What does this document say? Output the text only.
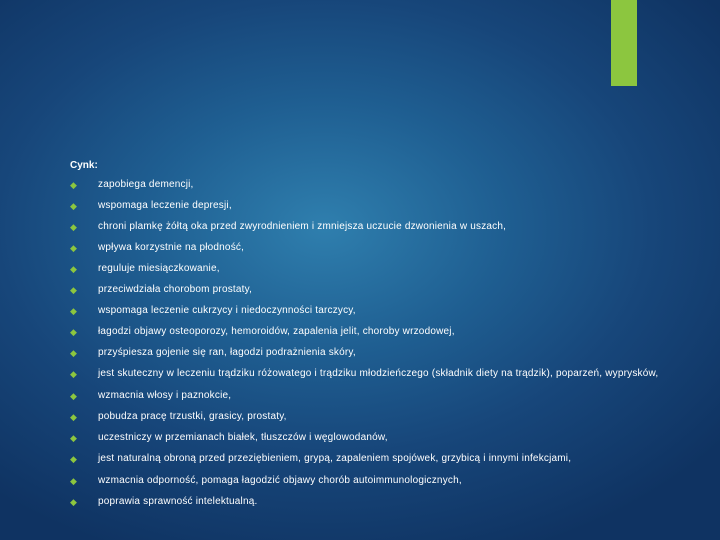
Cynk:
◆ zapobiega demencji,
◆ wspomaga leczenie depresji,
◆ chroni plamkę żółtą oka przed zwyrodnieniem i zmniejsza uczucie dzwonienia w uszach,
◆ wpływa korzystnie na płodność,
◆ reguluje miesiączkowanie,
◆ przeciwdziała chorobom prostaty,
◆ wspomaga leczenie cukrzycy i niedoczynności tarczycy,
◆ łagodzi objawy osteoporozy, hemoroidów, zapalenia jelit, choroby wrzodowej,
◆ przyśpiesza gojenie się ran, łagodzi podrażnienia skóry,
◆ jest skuteczny w leczeniu trądziku różowatego i trądziku młodzieńczego (składnik diety na trądzik), poparzeń, wyprysków,
◆ wzmacnia włosy i paznokcie,
◆ pobudza pracę trzustki, grasicy, prostaty,
◆ uczestniczy w przemianach białek, tłuszczów i węglowodanów,
◆ jest naturalną obroną przed przeziębieniem, grypą, zapaleniem spojówek, grzybicą i innymi infekcjami,
◆ wzmacnia odporność, pomaga łagodzić objawy chorób autoimmunologicznych,
◆ poprawia sprawność intelektualną.
